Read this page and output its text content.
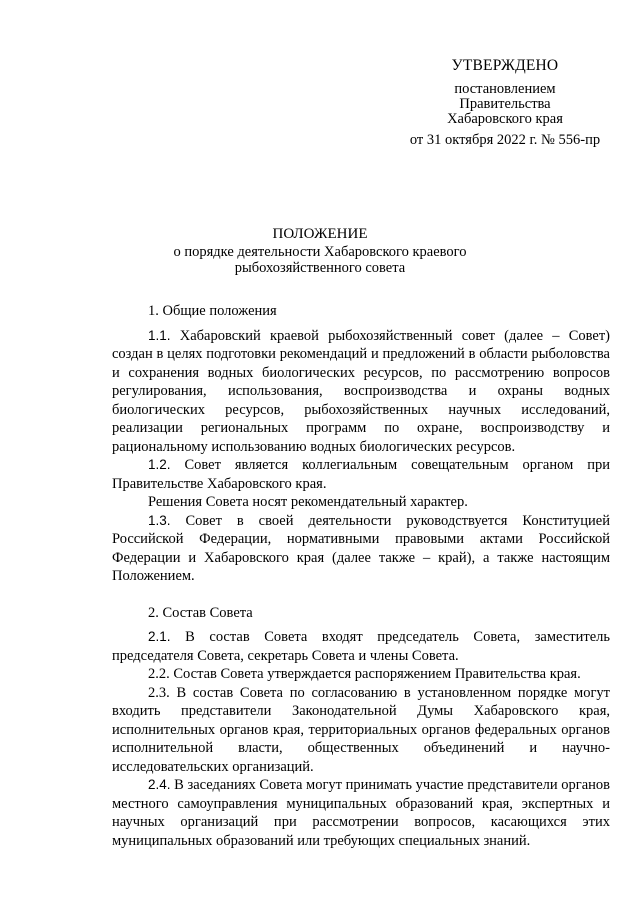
УТВЕРЖДЕНО
постановлением
Правительства
Хабаровского края
от 31 октября 2022 г. № 556-пр
ПОЛОЖЕНИЕ
о порядке деятельности Хабаровского краевого
рыбохозяйственного совета

1. Общие положения

1.1. Хабаровский краевой рыбохозяйственный совет (далее – Совет) создан в целях подготовки рекомендаций и предложений в области рыболовства и сохранения водных биологических ресурсов, по рассмотрению вопросов регулирования, использования, воспроизводства и охраны водных биологических ресурсов, рыбохозяйственных научных исследований, реализации региональных программ по охране, воспроизводству и рациональному использованию водных биологических ресурсов.

1.2. Совет является коллегиальным совещательным органом при Правительстве Хабаровского края.

Решения Совета носят рекомендательный характер.

1.3. Совет в своей деятельности руководствуется Конституцией Российской Федерации, нормативными правовыми актами Российской Федерации и Хабаровского края (далее также – край), а также настоящим Положением.

2. Состав Совета

2.1. В состав Совета входят председатель Совета, заместитель председателя Совета, секретарь Совета и члены Совета.

2.2. Состав Совета утверждается распоряжением Правительства края.

2.3. В состав Совета по согласованию в установленном порядке могут входить представители Законодательной Думы Хабаровского края, исполнительных органов края, территориальных органов федеральных органов исполнительной власти, общественных объединений и научно-исследовательских организаций.

2.4. В заседаниях Совета могут принимать участие представители органов местного самоуправления муниципальных образований края, экспертных и научных организаций при рассмотрении вопросов, касающихся этих муниципальных образований или требующих специальных знаний.
